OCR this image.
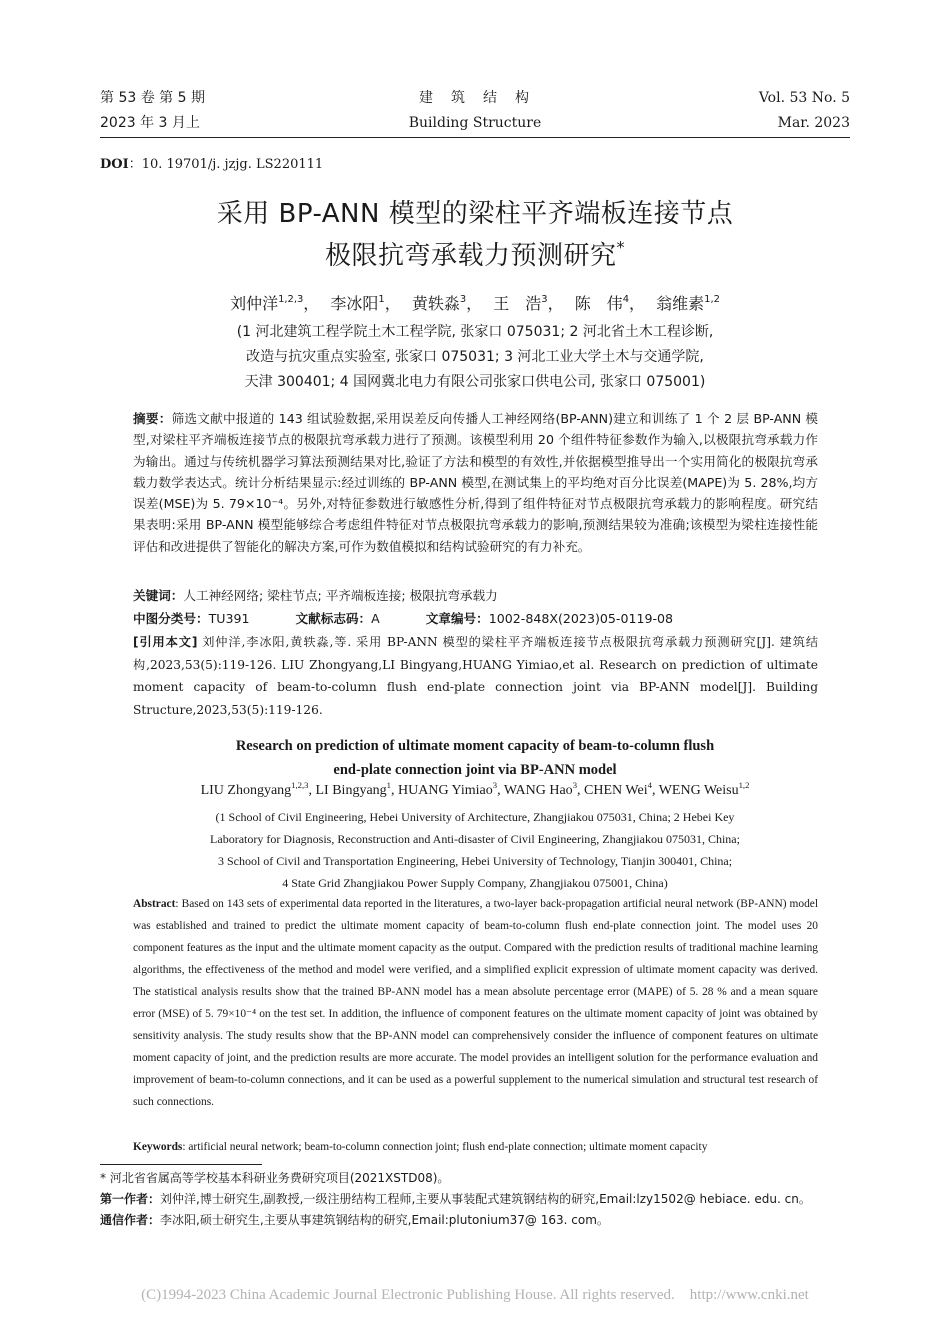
第 53 卷 第 5 期
2023 年 3 月上
建　筑　结　构
Building Structure
Vol. 53 No. 5
Mar. 2023
DOI：10. 19701/j. jzjg. LS220111
采用 BP-ANN 模型的梁柱平齐端板连接节点
极限抗弯承载力预测研究*
刘仲洋$^{1,2,3}$， 李冰阳$^1$， 黄轶淼$^3$， 王　浩$^3$， 陈　伟$^4$， 翁维素$^{1,2}$
(1 河北建筑工程学院土木工程学院, 张家口 075031; 2 河北省土木工程诊断,
改造与抗灾重点实验室, 张家口 075031; 3 河北工业大学土木与交通学院,
天津 300401; 4 国网冀北电力有限公司张家口供电公司, 张家口 075001)
摘要：筛选文献中报道的 143 组试验数据,采用误差反向传播人工神经网络(BP-ANN)建立和训练了 1 个 2 层 BP-ANN 模型,对梁柱平齐端板连接节点的极限抗弯承载力进行了预测。该模型利用 20 个组件特征参数作为输入,以极限抗弯承载力作为输出。通过与传统机器学习算法预测结果对比,验证了方法和模型的有效性,并依据模型推导出一个实用简化的极限抗弯承载力数学表达式。统计分析结果显示:经过训练的 BP-ANN 模型,在测试集上的平均绝对百分比误差(MAPE)为 5. 28%,均方误差(MSE)为 5. 79×10⁻⁴。另外,对特征参数进行敏感性分析,得到了组件特征对节点极限抗弯承载力的影响程度。研究结果表明:采用 BP-ANN 模型能够综合考虑组件特征对节点极限抗弯承载力的影响,预测结果较为准确;该模型为梁柱连接性能评估和改进提供了智能化的解决方案,可作为数值模拟和结构试验研究的有力补充。
关键词：人工神经网络; 梁柱节点; 平齐端板连接; 极限抗弯承载力
中图分类号：TU391	文献标志码：A	文章编号：1002-848X(2023)05-0119-08
[引用本文] 刘仲洋,李冰阳,黄轶淼,等. 采用 BP-ANN 模型的梁柱平齐端板连接节点极限抗弯承载力预测研究[J]. 建筑结构,2023,53(5):119-126. LIU Zhongyang,LI Bingyang,HUANG Yimiao,et al. Research on prediction of ultimate moment capacity of beam-to-column flush end-plate connection joint via BP-ANN model[J]. Building Structure,2023,53(5):119-126.
Research on prediction of ultimate moment capacity of beam-to-column flush
end-plate connection joint via BP-ANN model
LIU Zhongyang$^{1,2,3}$, LI Bingyang$^1$, HUANG Yimiao$^3$, WANG Hao$^3$, CHEN Wei$^4$, WENG Weisu$^{1,2}$
(1 School of Civil Engineering, Hebei University of Architecture, Zhangjiakou 075031, China; 2 Hebei Key
Laboratory for Diagnosis, Reconstruction and Anti-disaster of Civil Engineering, Zhangjiakou 075031, China;
3 School of Civil and Transportation Engineering, Hebei University of Technology, Tianjin 300401, China;
4 State Grid Zhangjiakou Power Supply Company, Zhangjiakou 075001, China)
Abstract: Based on 143 sets of experimental data reported in the literatures, a two-layer back-propagation artificial neural network (BP-ANN) model was established and trained to predict the ultimate moment capacity of beam-to-column flush end-plate connection joint. The model uses 20 component features as the input and the ultimate moment capacity as the output. Compared with the prediction results of traditional machine learning algorithms, the effectiveness of the method and model were verified, and a simplified explicit expression of ultimate moment capacity was derived. The statistical analysis results show that the trained BP-ANN model has a mean absolute percentage error (MAPE) of 5. 28 % and a mean square error (MSE) of 5. 79×10⁻⁴ on the test set. In addition, the influence of component features on the ultimate moment capacity of joint was obtained by sensitivity analysis. The study results show that the BP-ANN model can comprehensively consider the influence of component features on ultimate moment capacity of joint, and the prediction results are more accurate. The model provides an intelligent solution for the performance evaluation and improvement of beam-to-column connections, and it can be used as a powerful supplement to the numerical simulation and structural test research of such connections.
Keywords: artificial neural network; beam-to-column connection joint; flush end-plate connection; ultimate moment capacity
* 河北省省属高等学校基本科研业务费研究项目(2021XSTD08)。
第一作者：刘仲洋,博士研究生,副教授,一级注册结构工程师,主要从事装配式建筑钢结构的研究,Email:lzy1502@ hebiace. edu. cn。
通信作者：李冰阳,硕士研究生,主要从事建筑钢结构的研究,Email:plutonium37@ 163. com。
(C)1994-2023 China Academic Journal Electronic Publishing House. All rights reserved.    http://www.cnki.net
